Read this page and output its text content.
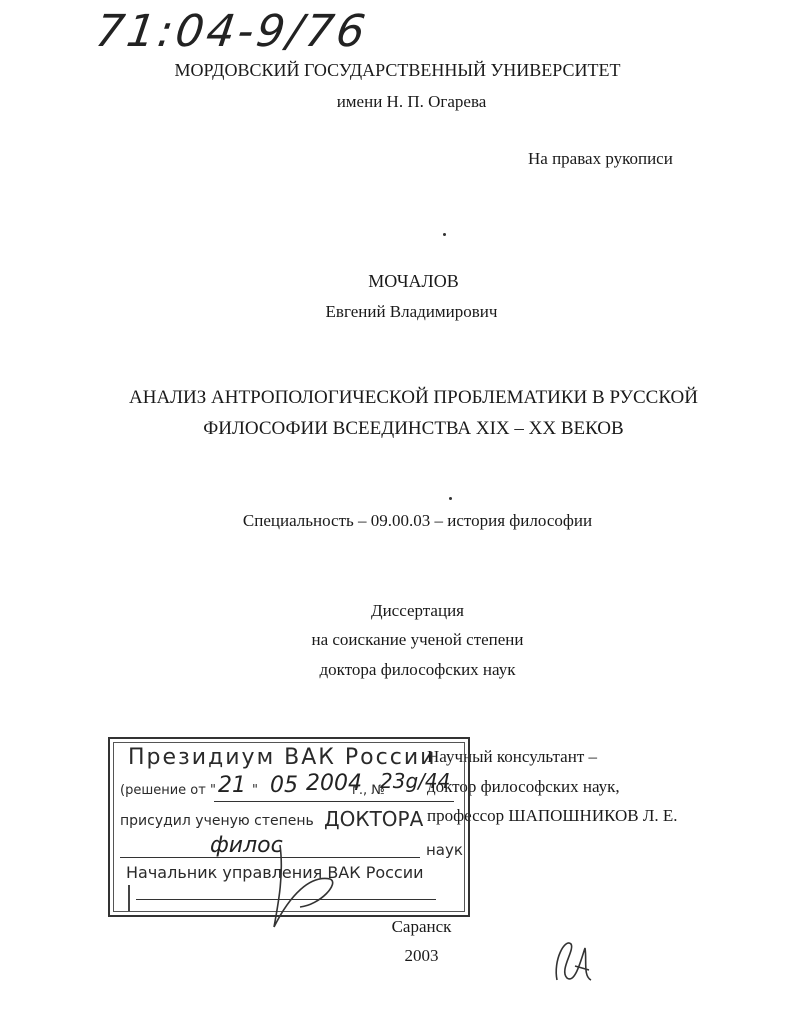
71:04-9/76
МОРДОВСКИЙ ГОСУДАРСТВЕННЫЙ УНИВЕРСИТЕТ
имени Н. П. Огарева
На правах рукописи
МОЧАЛОВ
Евгений Владимирович
АНАЛИЗ АНТРОПОЛОГИЧЕСКОЙ ПРОБЛЕМАТИКИ В РУССКОЙ
ФИЛОСОФИИ ВСЕЕДИНСТВА XIX – XX ВЕКОВ
Специальность – 09.00.03 – история философии
Диссертация
на соискание ученой степени
доктора философских наук
Научный консультант –
доктор философских наук,
профессор ШАПОШНИКОВ Л. Е.
Президиум ВАК России
(решение от " 21 " 05 2004
г., №
23g/44
присудил ученую степень ДОКТОРА
филос	наук
Начальник управления ВАК России
Саранск
2003
